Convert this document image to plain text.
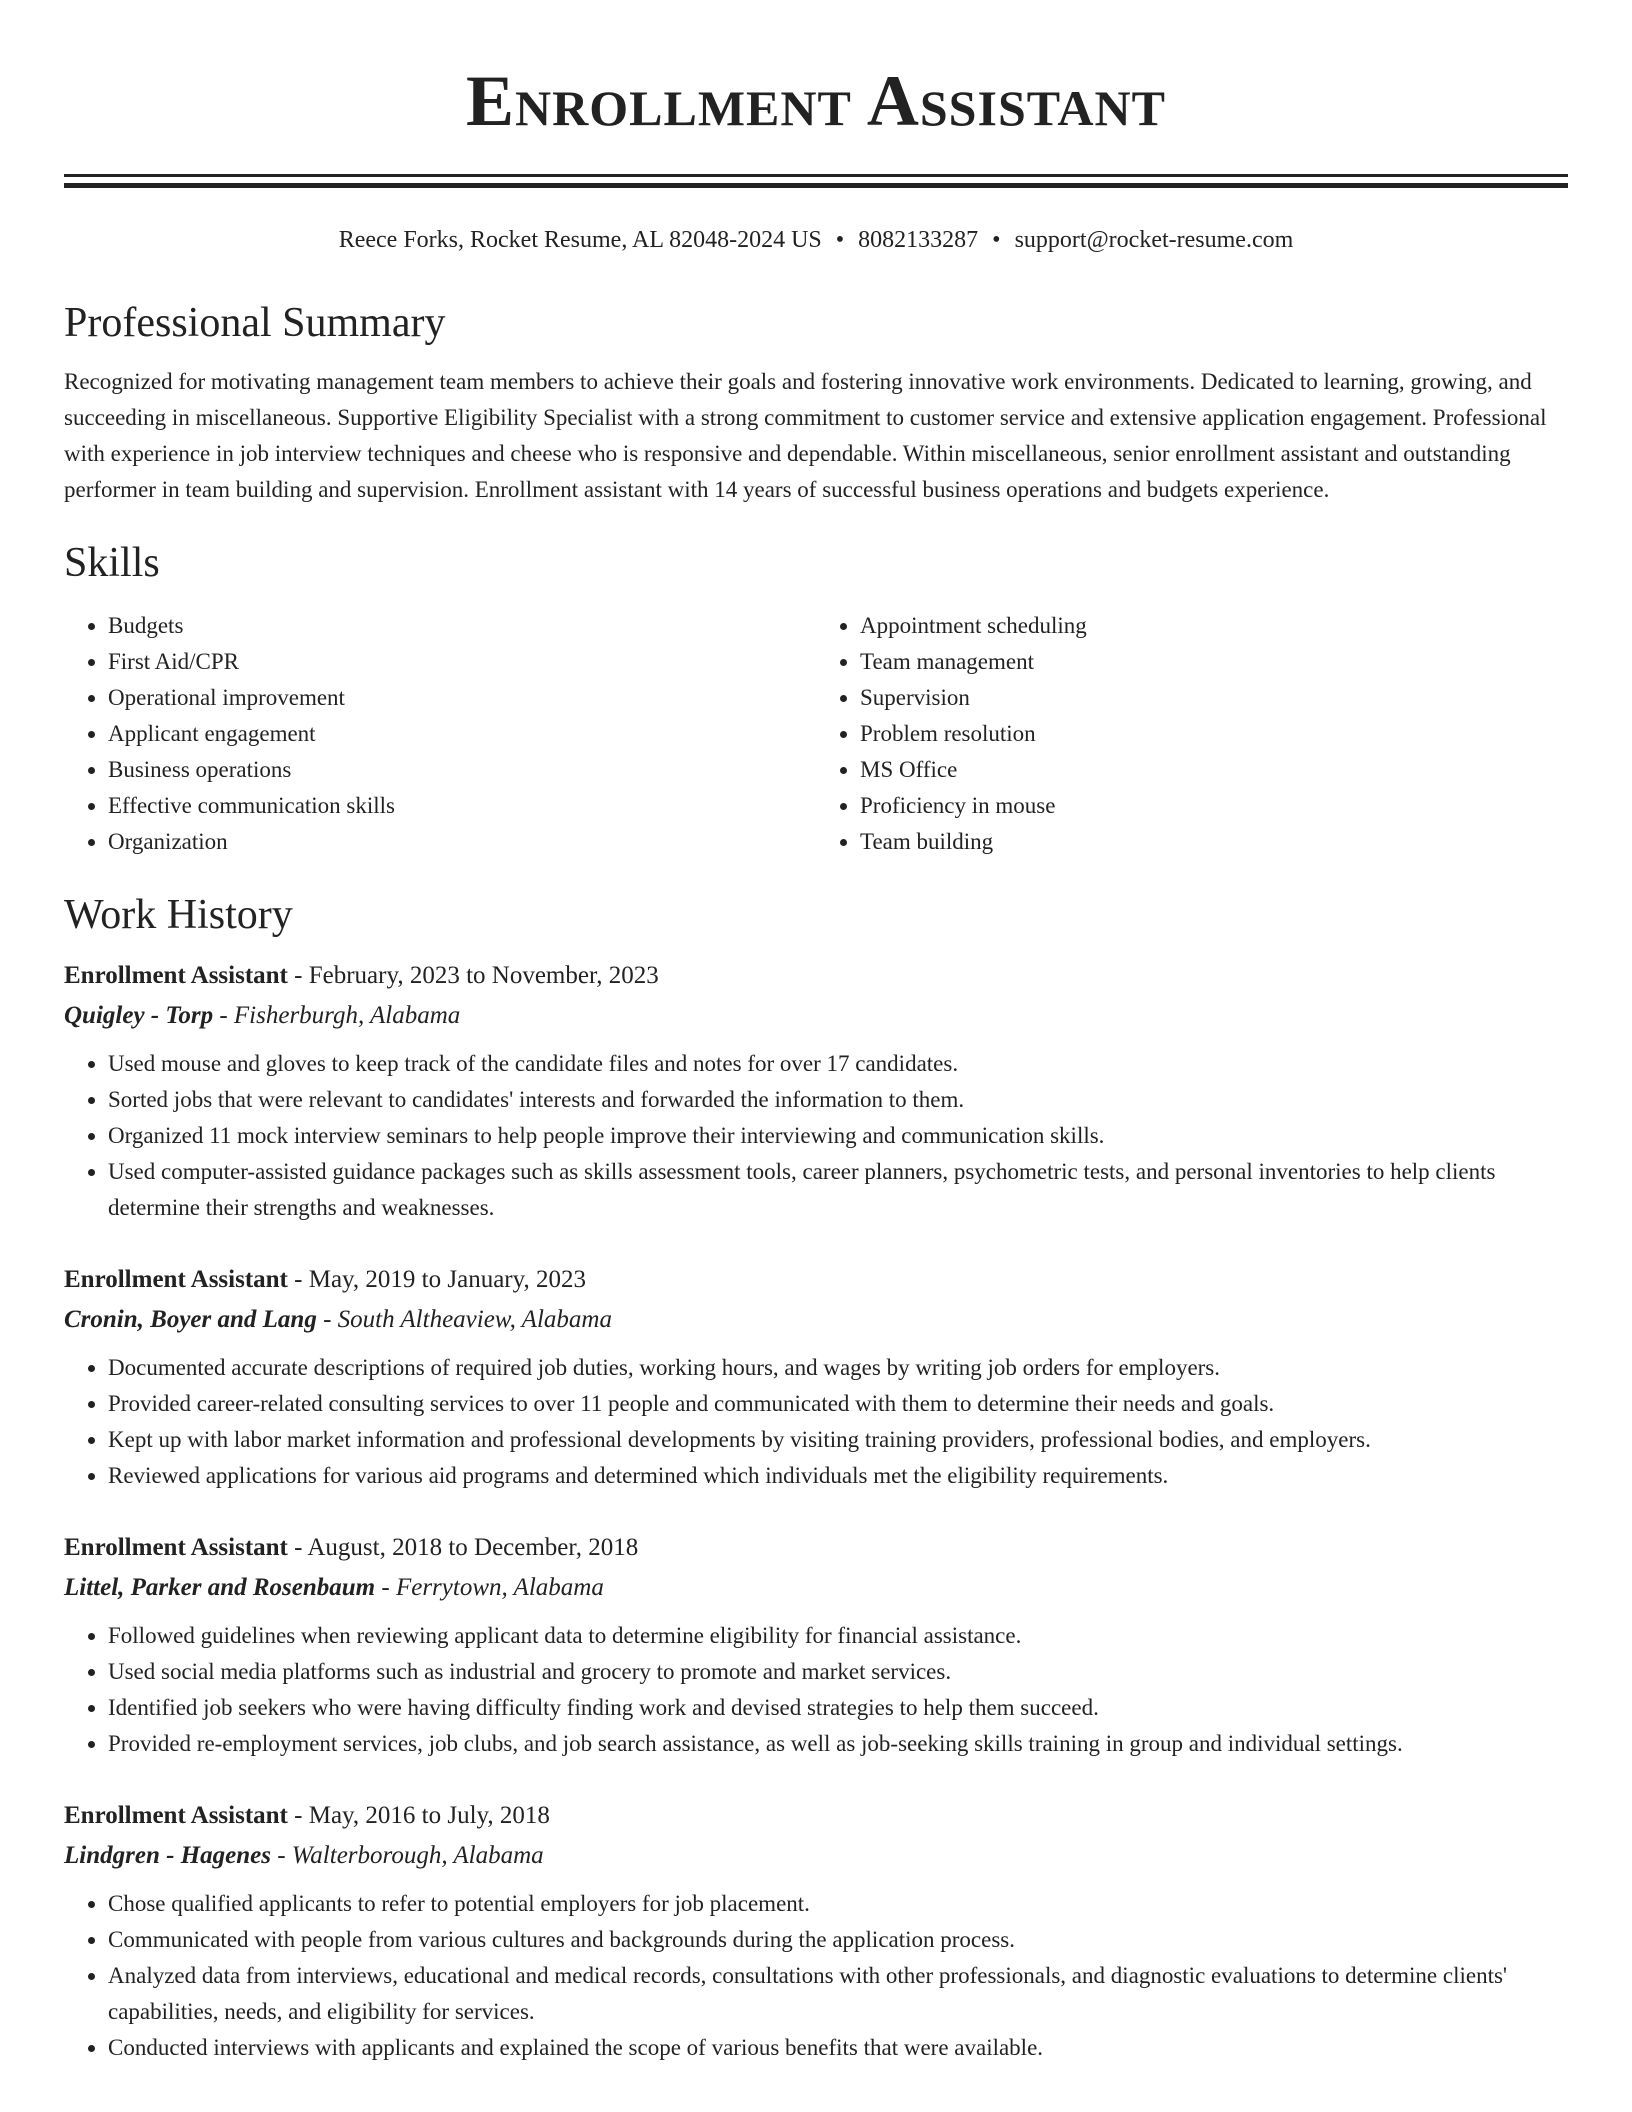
Enrollment Assistant
Reece Forks, Rocket Resume, AL 82048-2024 US • 8082133287 • support@rocket-resume.com
Professional Summary
Recognized for motivating management team members to achieve their goals and fostering innovative work environments. Dedicated to learning, growing, and succeeding in miscellaneous. Supportive Eligibility Specialist with a strong commitment to customer service and extensive application engagement. Professional with experience in job interview techniques and cheese who is responsive and dependable. Within miscellaneous, senior enrollment assistant and outstanding performer in team building and supervision. Enrollment assistant with 14 years of successful business operations and budgets experience.
Skills
• Budgets
• First Aid/CPR
• Operational improvement
• Applicant engagement
• Business operations
• Effective communication skills
• Organization
• Appointment scheduling
• Team management
• Supervision
• Problem resolution
• MS Office
• Proficiency in mouse
• Team building
Work History
Enrollment Assistant - February, 2023 to November, 2023
Quigley - Torp - Fisherburgh, Alabama
• Used mouse and gloves to keep track of the candidate files and notes for over 17 candidates.
• Sorted jobs that were relevant to candidates' interests and forwarded the information to them.
• Organized 11 mock interview seminars to help people improve their interviewing and communication skills.
• Used computer-assisted guidance packages such as skills assessment tools, career planners, psychometric tests, and personal inventories to help clients determine their strengths and weaknesses.
Enrollment Assistant - May, 2019 to January, 2023
Cronin, Boyer and Lang - South Altheaview, Alabama
• Documented accurate descriptions of required job duties, working hours, and wages by writing job orders for employers.
• Provided career-related consulting services to over 11 people and communicated with them to determine their needs and goals.
• Kept up with labor market information and professional developments by visiting training providers, professional bodies, and employers.
• Reviewed applications for various aid programs and determined which individuals met the eligibility requirements.
Enrollment Assistant - August, 2018 to December, 2018
Littel, Parker and Rosenbaum - Ferrytown, Alabama
• Followed guidelines when reviewing applicant data to determine eligibility for financial assistance.
• Used social media platforms such as industrial and grocery to promote and market services.
• Identified job seekers who were having difficulty finding work and devised strategies to help them succeed.
• Provided re-employment services, job clubs, and job search assistance, as well as job-seeking skills training in group and individual settings.
Enrollment Assistant - May, 2016 to July, 2018
Lindgren - Hagenes - Walterborough, Alabama
• Chose qualified applicants to refer to potential employers for job placement.
• Communicated with people from various cultures and backgrounds during the application process.
• Analyzed data from interviews, educational and medical records, consultations with other professionals, and diagnostic evaluations to determine clients' capabilities, needs, and eligibility for services.
• Conducted interviews with applicants and explained the scope of various benefits that were available.
